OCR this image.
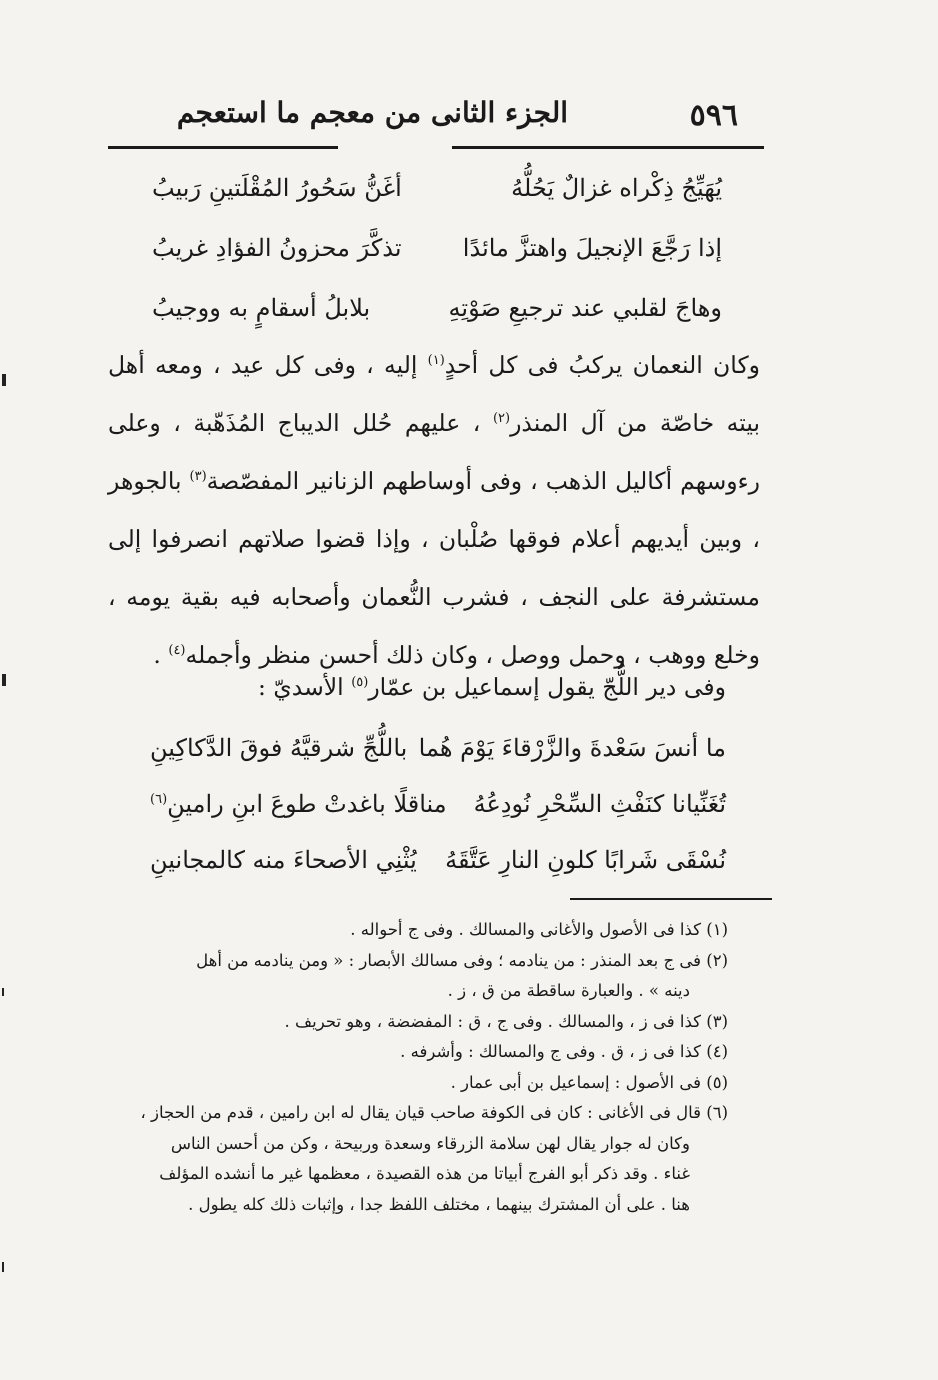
٥٩٦
الجزء الثانى من معجم ما استعجم
يُهَيِّجُ ذِكْراه غزالٌ يَحُلُّهُ
أغَنُّ سَحُورُ المُقْلَتينِ رَبيبُ
إذا رَجَّعَ الإنجيلَ واهتزَّ مائدًا
تذكَّرَ محزونُ الفؤادِ غريبُ
وهاجَ لقلبي عند ترجيعِ صَوْتِهِ
بلابلُ أسقامٍ به ووجيبُ
وكان النعمان يركبُ فى كل أحدٍ$^{(١)}$ إليه ، وفى كل عيد ، ومعه أهل بيته خاصّة من آل المنذر$^{(٢)}$ ، عليهم حُلل الديباج المُذَهّبة ، وعلى رءوسهم أكاليل الذهب ، وفى أوساطهم الزنانير المفصّصة$^{(٣)}$ بالجوهر ، وبين أيديهم أعلام فوقها صُلْبان ، وإذا قضوا صلاتهم انصرفوا إلى مستشرفة على النجف ، فشرب النُّعمان وأصحابه فيه بقية يومه ، وخلع ووهب ، وحمل ووصل ، وكان ذلك أحسن منظر وأجمله$^{(٤)}$ .
وفى دير اللُّجّ يقول إسماعيل بن عمّار$^{(٥)}$ الأسديّ :
ما أنسَ سَعْدةَ والزَّرْقاءَ يَوْمَ هُما
باللُّجِّ شرقيَّهُ فوقَ الدَّكاكِينِ
تُغَنِّيانا كنَفْثِ السِّحْرِ نُودِعُهُ
مناقلًا باغدتْ طوعَ ابنِ رامينِ$^{(٦)}$
نُسْقَى شَرابًا كلونِ النارِ عَتَّقَهُ
يُثْنِي الأصحاءَ منه كالمجانينِ
(١) كذا فى الأصول والأغانى والمسالك . وفى ج أحواله .
(٢) فى ج بعد المنذر : من ينادمه ؛ وفى مسالك الأبصار : « ومن ينادمه من أهل
دينه » . والعبارة ساقطة من ق ، ز .
(٣) كذا فى ز ، والمسالك . وفى ج ، ق : المفضضة ، وهو تحريف .
(٤) كذا فى ز ، ق . وفى ج والمسالك : وأشرفه .
(٥) فى الأصول : إسماعيل بن أبى عمار .
(٦) قال فى الأغانى : كان فى الكوفة صاحب قيان يقال له ابن رامين ، قدم من الحجاز ،
وكان له جوار يقال لهن سلامة الزرقاء وسعدة وربيحة ، وكن من أحسن الناس
غناء . وقد ذكر أبو الفرج أبياتا من هذه القصيدة ، معظمها غير ما أنشده المؤلف
هنا . على أن المشترك بينهما ، مختلف اللفظ جدا ، وإثبات ذلك كله يطول .
